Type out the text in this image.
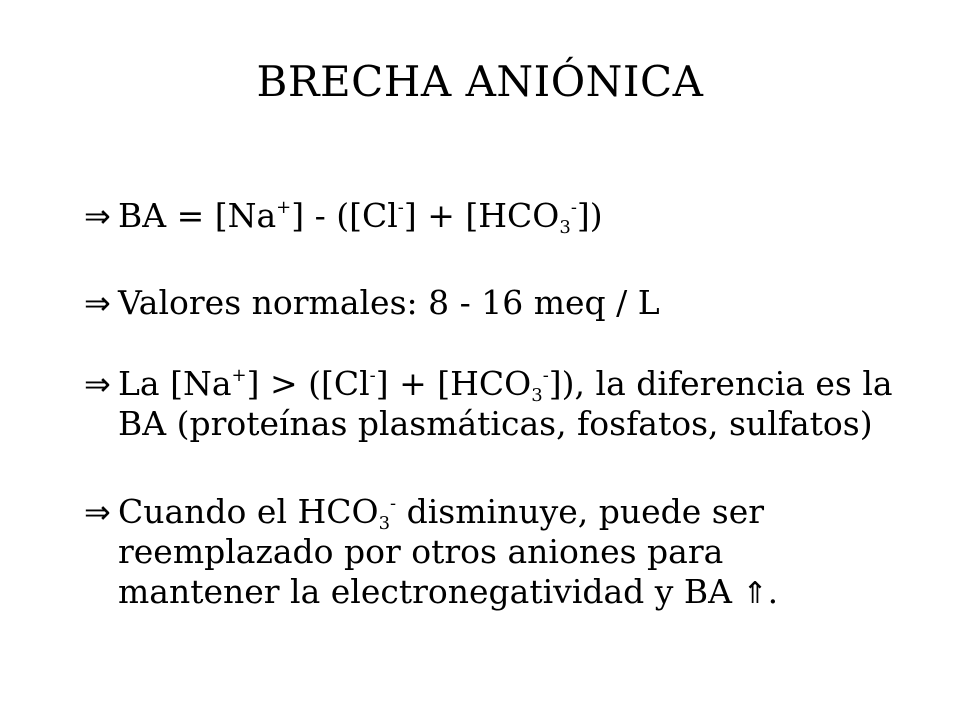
BRECHA ANIÓNICA
⇒ BA = $[Na^+] - ([Cl^-] + [HCO_3^-])$
⇒ Valores normales: 8 - 16 meq / L
⇒ La $[Na^+] > ([Cl^-] + [HCO_3^-])$, la diferencia es la
BA (proteínas plasmáticas, fosfatos, sulfatos)
⇒ Cuando el $HCO_3^-$ disminuye, puede ser
reemplazado por otros aniones para
mantener la electronegatividad y BA ⇑.
